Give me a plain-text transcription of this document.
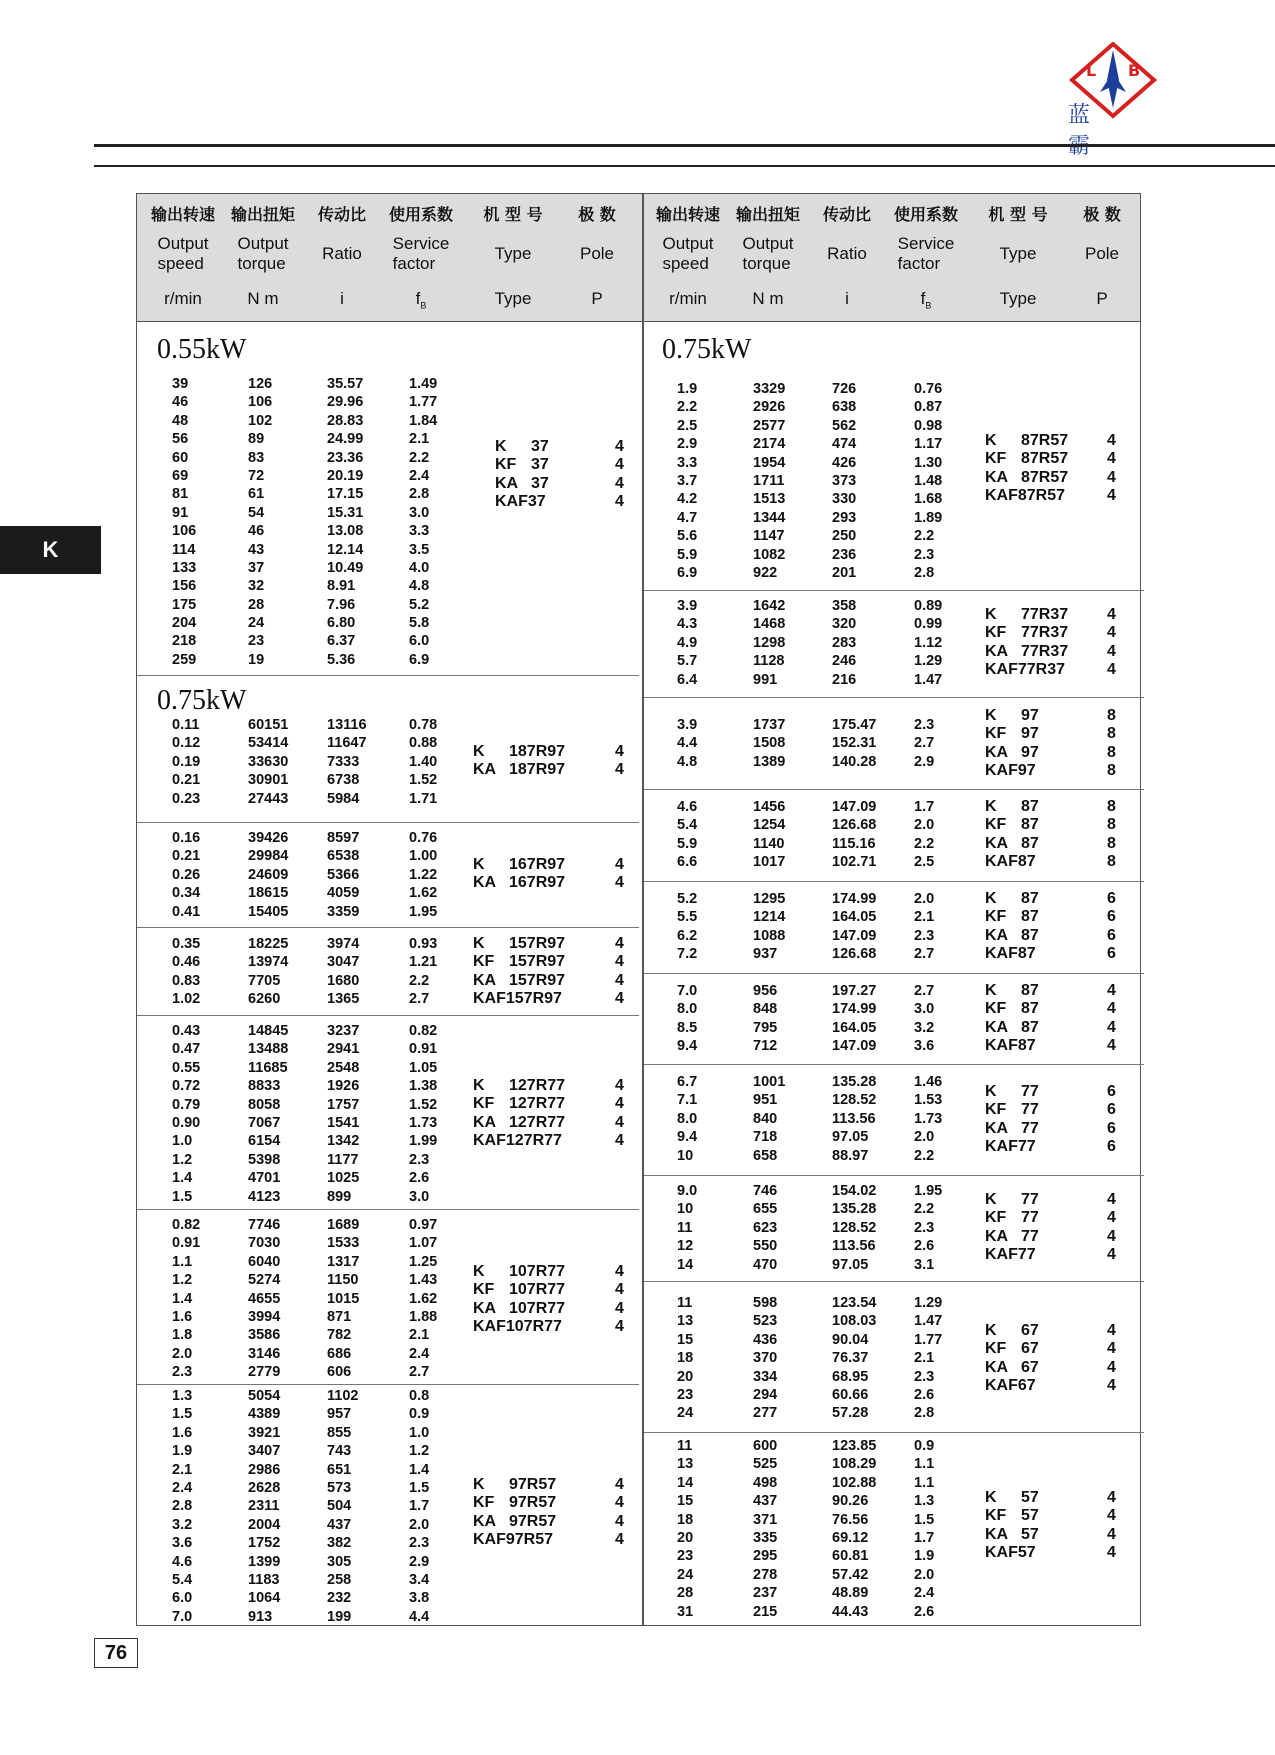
L B
蓝
K
76
输出转速 输出扭矩 传动比 使用系数 机 型 号 极 数
Output
speed
Output
torque
Ratio
Service
factor
Type	Pole
r/min	N m	i	$f_B$	Type	P
输出转速 输出扭矩 传动比 使用系数 机 型 号 极 数
Output
speed
Output
torque
Ratio
Service
factor
Type	Pole
r/min	N m	i	$f_B$	Type	P
0.55kW
39	126	35.57	1.49
46	106	29.96	1.77
48	102	28.83	1.84
56	89	24.99	2.1
60	83	23.36	2.2
69	72	20.19	2.4
81	61	17.15	2.8
91	54	15.31	3.0
106	46	13.08	3.3
114	43	12.14	3.5
133	37	10.49	4.0
156	32	8.91	4.8
175	28	7.96	5.2
204	24	6.80	5.8
218	23	6.37	6.0
259	19	5.36	6.9
K 37	4
KF 37	4
KA 37	4
KAF37	4
0.75kW
0.11	60151	13116	0.78
0.12	53414	11647	0.88
0.19	33630	7333	1.40
0.21	30901	6738	1.52
0.23	27443	5984	1.71
K 187R97	4
KA 187R97	4
0.16	39426	8597	0.76
0.21	29984	6538	1.00
0.26	24609	5366	1.22
0.34	18615	4059	1.62
0.41	15405	3359	1.95
K 167R97	4
KA 167R97	4
0.35	18225	3974	0.93
0.46	13974	3047	1.21
0.83	7705	1680	2.2
1.02	6260	1365	2.7
K 157R97	4
KF 157R97	4
KA 157R97	4
KAF157R97	4
0.43	14845	3237	0.82
0.47	13488	2941	0.91
0.55	11685	2548	1.05
0.72	8833	1926	1.38
0.79	8058	1757	1.52
0.90	7067	1541	1.73
1.0	6154	1342	1.99
1.2	5398	1177	2.3
1.4	4701	1025	2.6
1.5	4123	899	3.0
K 127R77	4
KF 127R77	4
KA 127R77	4
KAF127R77	4
0.82	7746	1689	0.97
0.91	7030	1533	1.07
1.1	6040	1317	1.25
1.2	5274	1150	1.43
1.4	4655	1015	1.62
1.6	3994	871	1.88
1.8	3586	782	2.1
2.0	3146	686	2.4
2.3	2779	606	2.7
K 107R77	4
KF 107R77	4
KA 107R77	4
KAF107R77	4
1.3	5054	1102	0.8
1.5	4389	957	0.9
1.6	3921	855	1.0
1.9	3407	743	1.2
2.1	2986	651	1.4
2.4	2628	573	1.5
2.8	2311	504	1.7
3.2	2004	437	2.0
3.6	1752	382	2.3
4.6	1399	305	2.9
5.4	1183	258	3.4
6.0	1064	232	3.8
7.0	913	199	4.4
K 97R57	4
KF 97R57	4
KA 97R57	4
KAF97R57	4
0.75kW
1.9	3329	726	0.76
2.2	2926	638	0.87
2.5	2577	562	0.98
2.9	2174	474	1.17
3.3	1954	426	1.30
3.7	1711	373	1.48
4.2	1513	330	1.68
4.7	1344	293	1.89
5.6	1147	250	2.2
5.9	1082	236	2.3
6.9	922	201	2.8
K 87R57 4
KF 87R57 4
KA 87R57 4
KAF87R57	4
3.9	1642	358	0.89
4.3	1468	320	0.99
4.9	1298	283	1.12
5.7	1128	246	1.29
6.4	991	216	1.47
K 77R37 4
KF 77R37 4
KA 77R37 4
KAF77R37	4
3.9	1737	175.47	2.3
4.4	1508	152.31	2.7
4.8	1389	140.28	2.9
K 97	8
KF 97	8
KA 97	8
KAF97	8
4.6	1456	147.09	1.7
5.4	1254	126.68	2.0
5.9	1140	115.16	2.2
6.6	1017	102.71	2.5
K 87	8
KF 87	8
KA 87	8
KAF87	8
5.2	1295	174.99	2.0
5.5	1214	164.05	2.1
6.2	1088	147.09	2.3
7.2	937	126.68	2.7
K 87	6
KF 87	6
KA 87	6
KAF87	6
7.0	956	197.27	2.7
8.0	848	174.99	3.0
8.5	795	164.05	3.2
9.4	712	147.09	3.6
K 87	4
KF 87	4
KA 87	4
KAF87	4
6.7	1001	135.28	1.46
7.1	951	128.52	1.53
8.0	840	113.56	1.73
9.4	718	97.05	2.0
10	658	88.97	2.2
K 77	6
KF 77	6
KA 77	6
KAF77	6
9.0	746	154.02	1.95
10	655	135.28	2.2
11	623	128.52	2.3
12	550	113.56	2.6
14	470	97.05	3.1
K 77	4
KF 77	4
KA 77	4
KAF77	4
11	598	123.54	1.29
13	523	108.03	1.47
15	436	90.04	1.77
18	370	76.37	2.1
20	334	68.95	2.3
23	294	60.66	2.6
24	277	57.28	2.8
K 67	4
KF 67	4
KA 67	4
KAF67	4
11	600	123.85	0.9
13	525	108.29	1.1
14	498	102.88	1.1
15	437	90.26	1.3
18	371	76.56	1.5
20	335	69.12	1.7
23	295	60.81	1.9
24	278	57.42	2.0
28	237	48.89	2.4
31	215	44.43	2.6
K 57	4
KF 57	4
KA 57	4
KAF57	4
